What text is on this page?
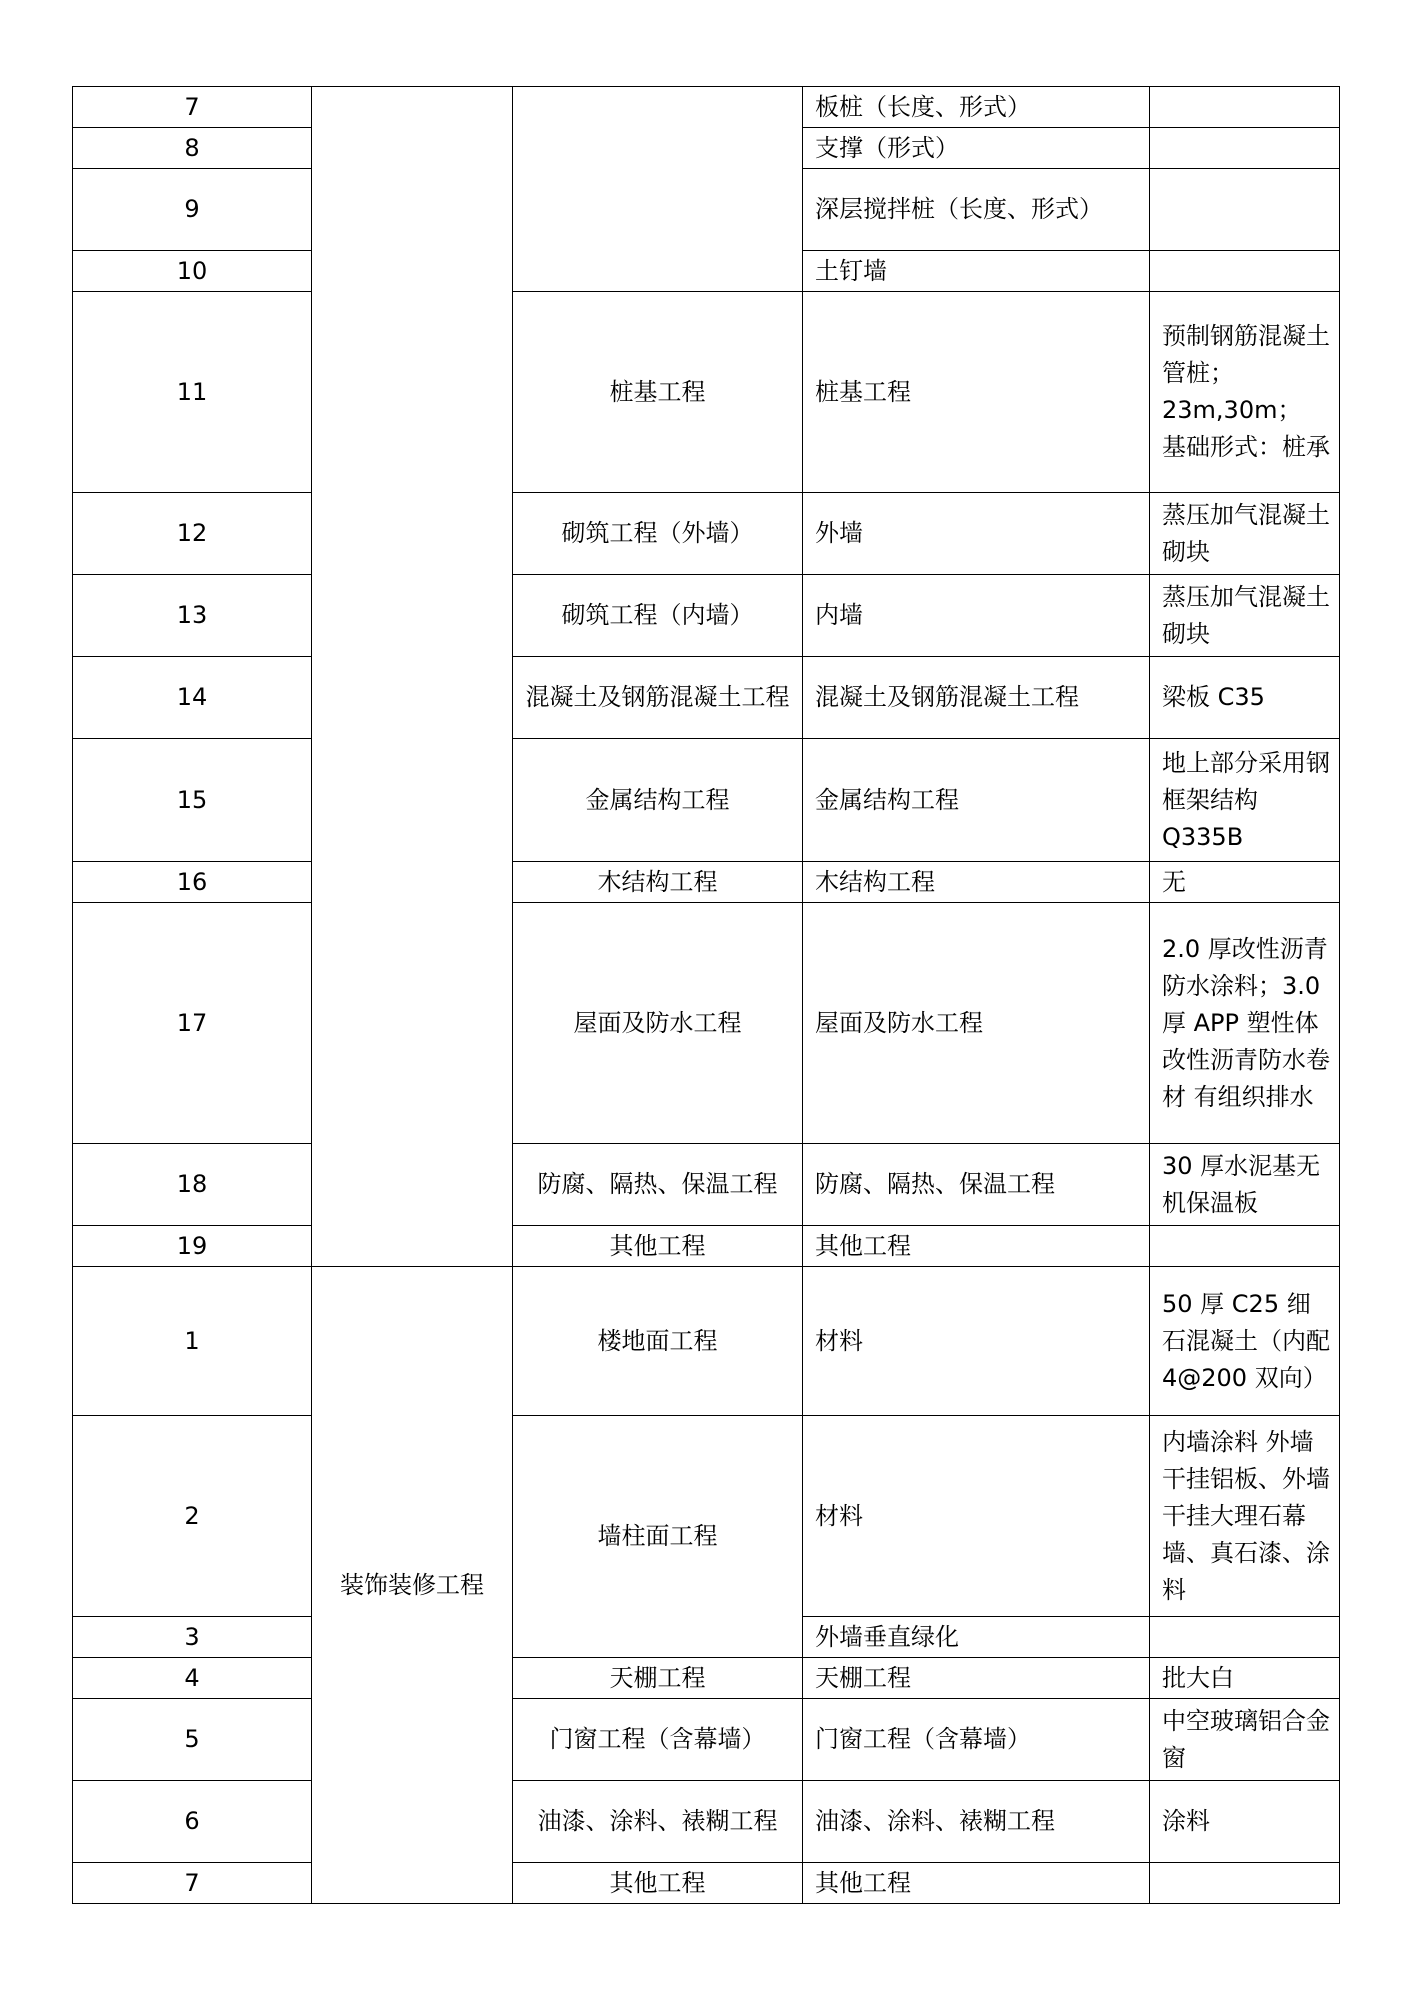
7			板桩（长度、形式）	
8			支撑（形式）	
9			深层搅拌桩（长度、形式）	
10			土钉墙	
11		桩基工程	桩基工程	预制钢筋混凝土管桩；23m,30m； 基础形式：桩承
12		砌筑工程（外墙）	外墙	蒸压加气混凝土砌块
13		砌筑工程（内墙）	内墙	蒸压加气混凝土砌块
14		混凝土及钢筋混凝土工程	混凝土及钢筋混凝土工程	梁板 C35
15		金属结构工程	金属结构工程	地上部分采用钢框架结构Q335B
16		木结构工程	木结构工程	无
17		屋面及防水工程	屋面及防水工程	2.0 厚改性沥青防水涂料；3.0 厚 APP 塑性体改性沥青防水卷材 有组织排水
18		防腐、隔热、保温工程	防腐、隔热、保温工程	30 厚水泥基无机保温板
19		其他工程	其他工程	
1	装饰装修工程	楼地面工程	材料	50 厚 C25 细石混凝土（内配 4@200 双向）
2		墙柱面工程	材料	内墙涂料 外墙干挂铝板、外墙干挂大理石幕墙、真石漆、涂料
3			外墙垂直绿化	
4		天棚工程	天棚工程	批大白
5		门窗工程（含幕墙）	门窗工程（含幕墙）	中空玻璃铝合金窗
6		油漆、涂料、裱糊工程	油漆、涂料、裱糊工程	涂料
7		其他工程	其他工程	
